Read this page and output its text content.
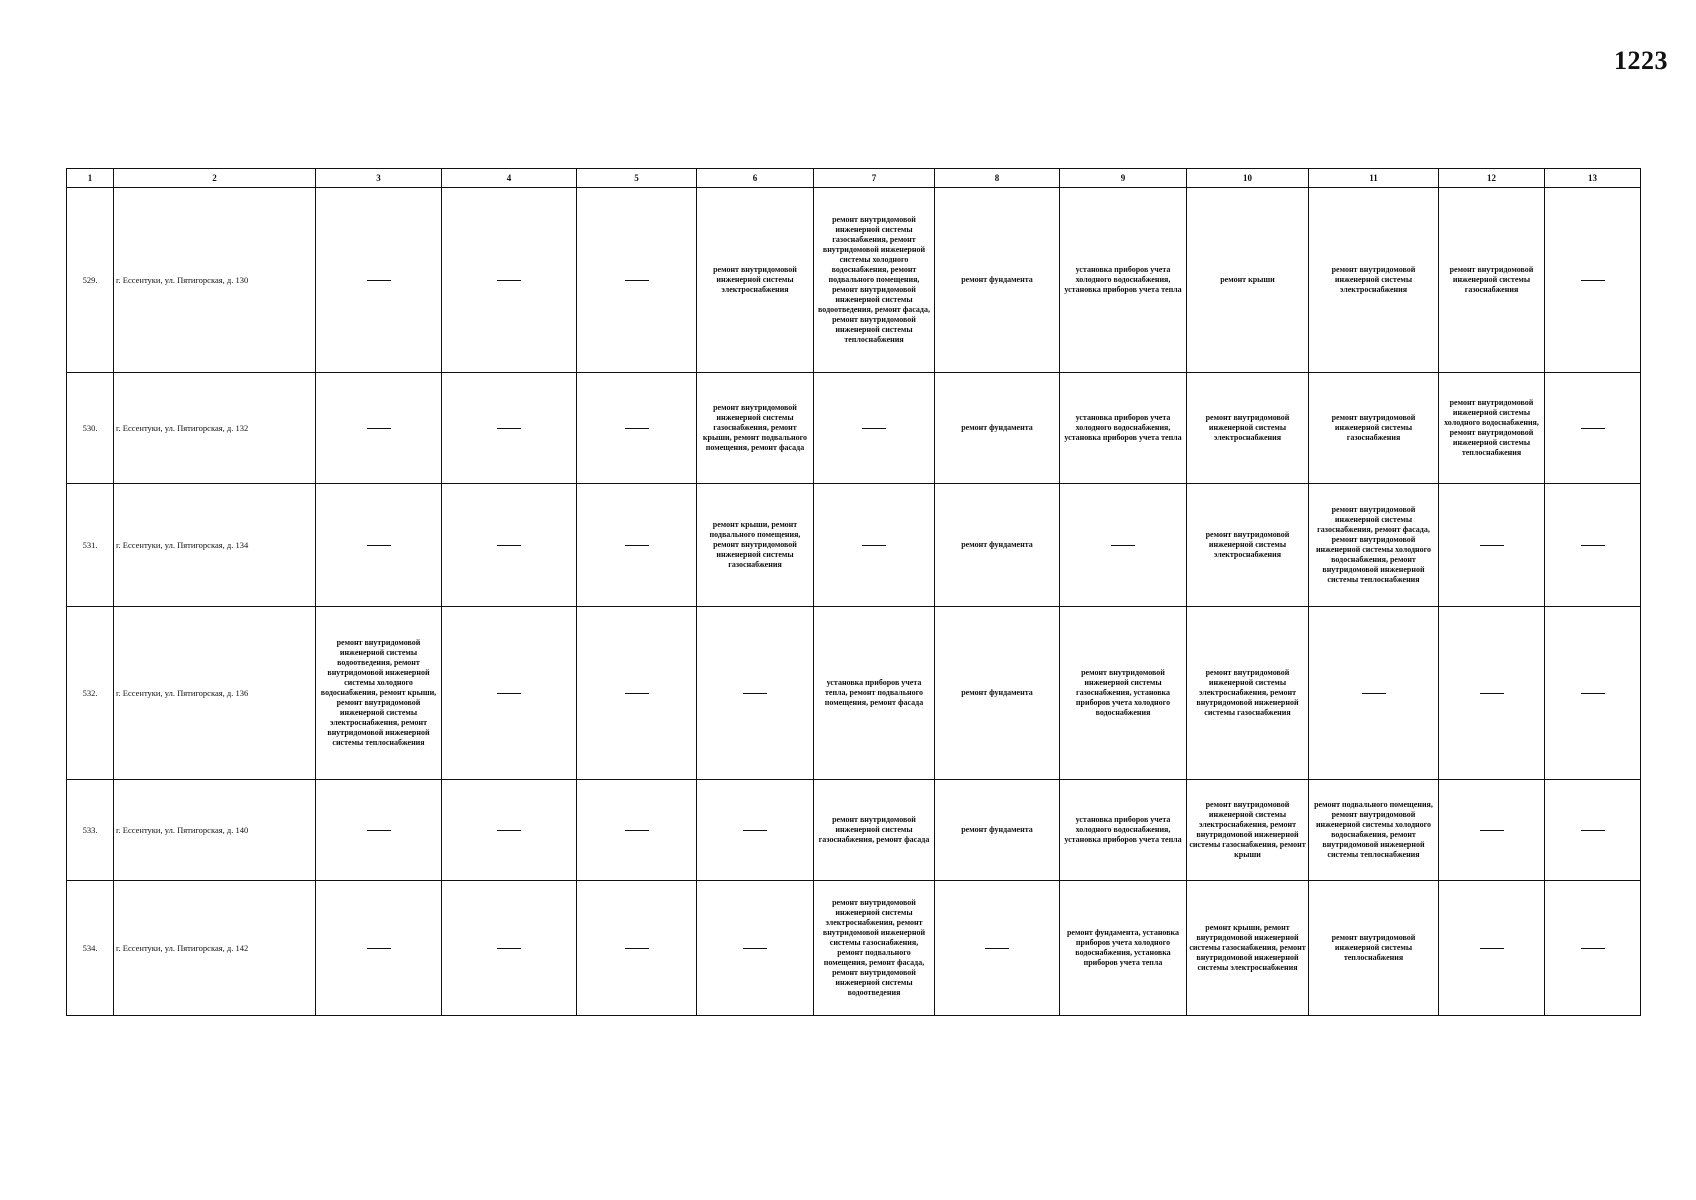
1223
1	2	3	4	5	6	7	8	9	10	11	12	13
529.	г. Ессентуки, ул. Пятигорская, д. 130				ремонт внутридомовой инженерной системы электроснабжения	ремонт внутридомовой инженерной системы газоснабжения, ремонт внутридомовой инженерной системы холодного водоснабжения, ремонт подвального помещения, ремонт внутридомовой инженерной системы водоотведения, ремонт фасада, ремонт внутридомовой инженерной системы теплоснабжения	ремонт фундамента	установка приборов учета холодного водоснабжения, установка приборов учета тепла	ремонт крыши	ремонт внутридомовой инженерной системы электроснабжения	ремонт внутридомовой инженерной системы газоснабжения	
530.	г. Ессентуки, ул. Пятигорская, д. 132				ремонт внутридомовой инженерной системы газоснабжения, ремонт крыши, ремонт подвального помещения, ремонт фасада		ремонт фундамента	установка приборов учета холодного водоснабжения, установка приборов учета тепла	ремонт внутридомовой инженерной системы электроснабжения	ремонт внутридомовой инженерной системы газоснабжения	ремонт внутридомовой инженерной системы холодного водоснабжения, ремонт внутридомовой инженерной системы теплоснабжения	
531.	г. Ессентуки, ул. Пятигорская, д. 134				ремонт крыши, ремонт подвального помещения, ремонт внутридомовой инженерной системы газоснабжения		ремонт фундамента		ремонт внутридомовой инженерной системы электроснабжения	ремонт внутридомовой инженерной системы газоснабжения, ремонт фасада, ремонт внутридомовой инженерной системы холодного водоснабжения, ремонт внутридомовой инженерной системы теплоснабжения		
532.	г. Ессентуки, ул. Пятигорская, д. 136	ремонт внутридомовой инженерной системы водоотведения, ремонт внутридомовой инженерной системы холодного водоснабжения, ремонт крыши, ремонт внутридомовой инженерной системы электроснабжения, ремонт внутридомовой инженерной системы теплоснабжения				установка приборов учета тепла, ремонт подвального помещения, ремонт фасада	ремонт фундамента	ремонт внутридомовой инженерной системы газоснабжения, установка приборов учета холодного водоснабжения	ремонт внутридомовой инженерной системы электроснабжения, ремонт внутридомовой инженерной системы газоснабжения			
533.	г. Ессентуки, ул. Пятигорская, д. 140					ремонт внутридомовой инженерной системы газоснабжения, ремонт фасада	ремонт фундамента	установка приборов учета холодного водоснабжения, установка приборов учета тепла	ремонт внутридомовой инженерной системы электроснабжения, ремонт внутридомовой инженерной системы газоснабжения, ремонт крыши	ремонт подвального помещения, ремонт внутридомовой инженерной системы холодного водоснабжения, ремонт внутридомовой инженерной системы теплоснабжения		
534.	г. Ессентуки, ул. Пятигорская, д. 142					ремонт внутридомовой инженерной системы электроснабжения, ремонт внутридомовой инженерной системы газоснабжения, ремонт подвального помещения, ремонт фасада, ремонт внутридомовой инженерной системы водоотведения		ремонт фундамента, установка приборов учета холодного водоснабжения, установка приборов учета тепла	ремонт крыши, ремонт внутридомовой инженерной системы газоснабжения, ремонт внутридомовой инженерной системы электроснабжения	ремонт внутридомовой инженерной системы теплоснабжения		
